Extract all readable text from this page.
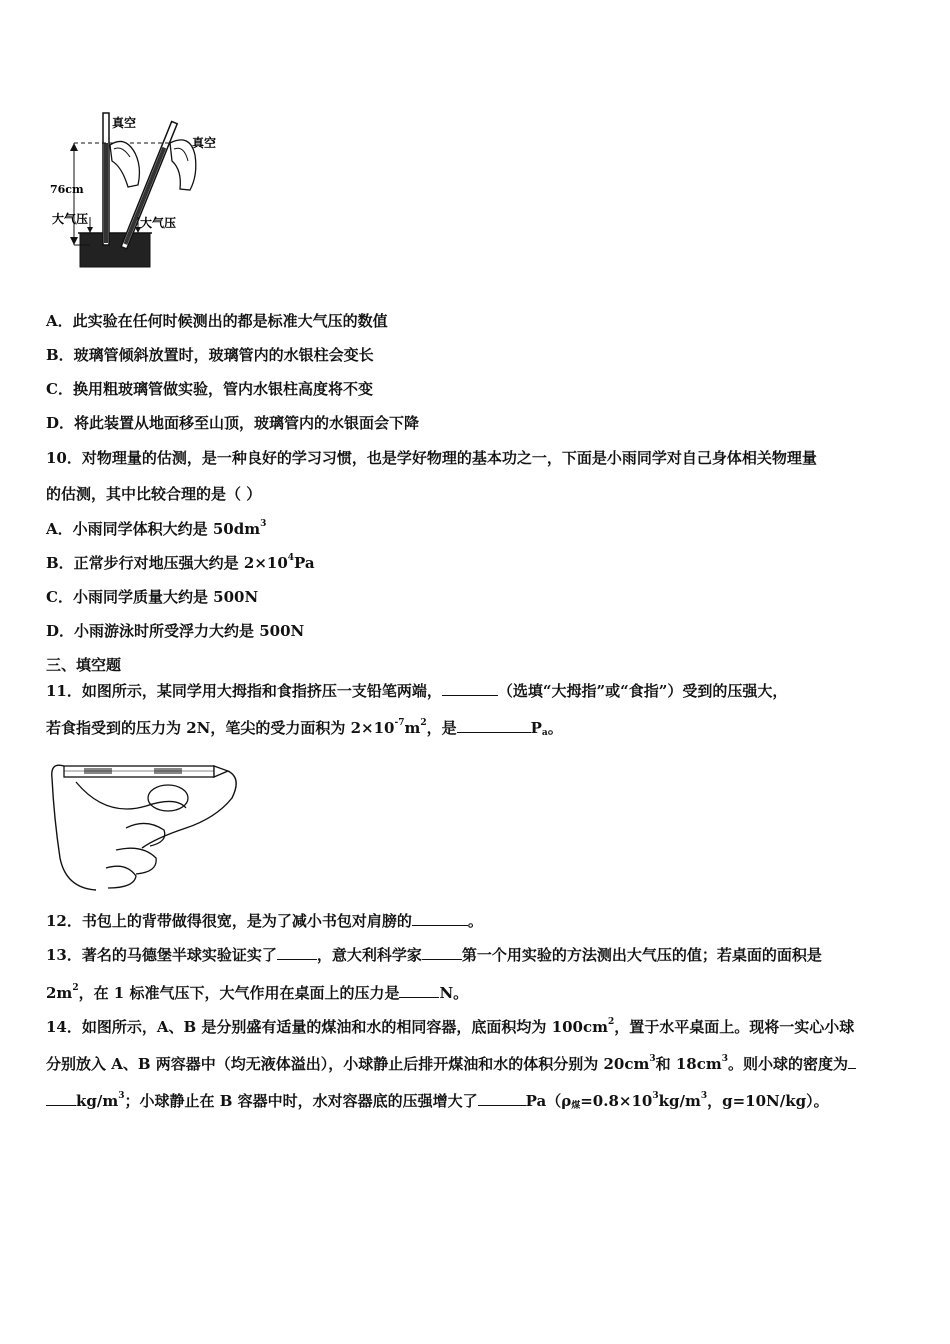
真空
真空
76cm
大气压	大气压
A．此实验在任何时候测出的都是标准大气压的数值
B．玻璃管倾斜放置时，玻璃管内的水银柱会变长
C．换用粗玻璃管做实验，管内水银柱高度将不变
D．将此装置从地面移至山顶，玻璃管内的水银面会下降
10．对物理量的估测，是一种良好的学习习惯，也是学好物理的基本功之一，下面是小雨同学对自己身体相关物理量
的估测，其中比较合理的是（ ）
A．小雨同学体积大约是 $50dm^3$
B．正常步行对地压强大约是 $2\times 10^4Pa$
C．小雨同学质量大约是 500N
D．小雨游泳时所受浮力大约是 500N
三、填空题
11．如图所示，某同学用大拇指和食指挤压一支铅笔两端，	（选填“大拇指”或“食指”）受到的压强大，
若食指受到的压力为 2N，笔尖的受力面积为 $2\times 10^{-7}m^2$，是	Pa。
12．书包上的背带做得很宽，是为了减小书包对肩膀的	。
13．著名的马德堡半球实验证实了	，意大利科学家	第一个用实验的方法测出大气压的值；若桌面的面积是
$2m^2$，在 1 标准气压下，大气作用在桌面上的压力是	N。
14．如图所示，A、B 是分别盛有适量的煤油和水的相同容器，底面积均为 $100cm^2$，置于水平桌面上。现将一实心小球
分别放入 A、B 两容器中（均无液体溢出），小球静止后排开煤油和水的体积分别为 $20cm^3$和 $18cm^3$。则小球的密度为
$kg/m^3$；小球静止在 B 容器中时，水对容器底的压强增大了	Pa（ρ煤$=0.8\times 10^3kg/m^3$，g=10N/kg）。
